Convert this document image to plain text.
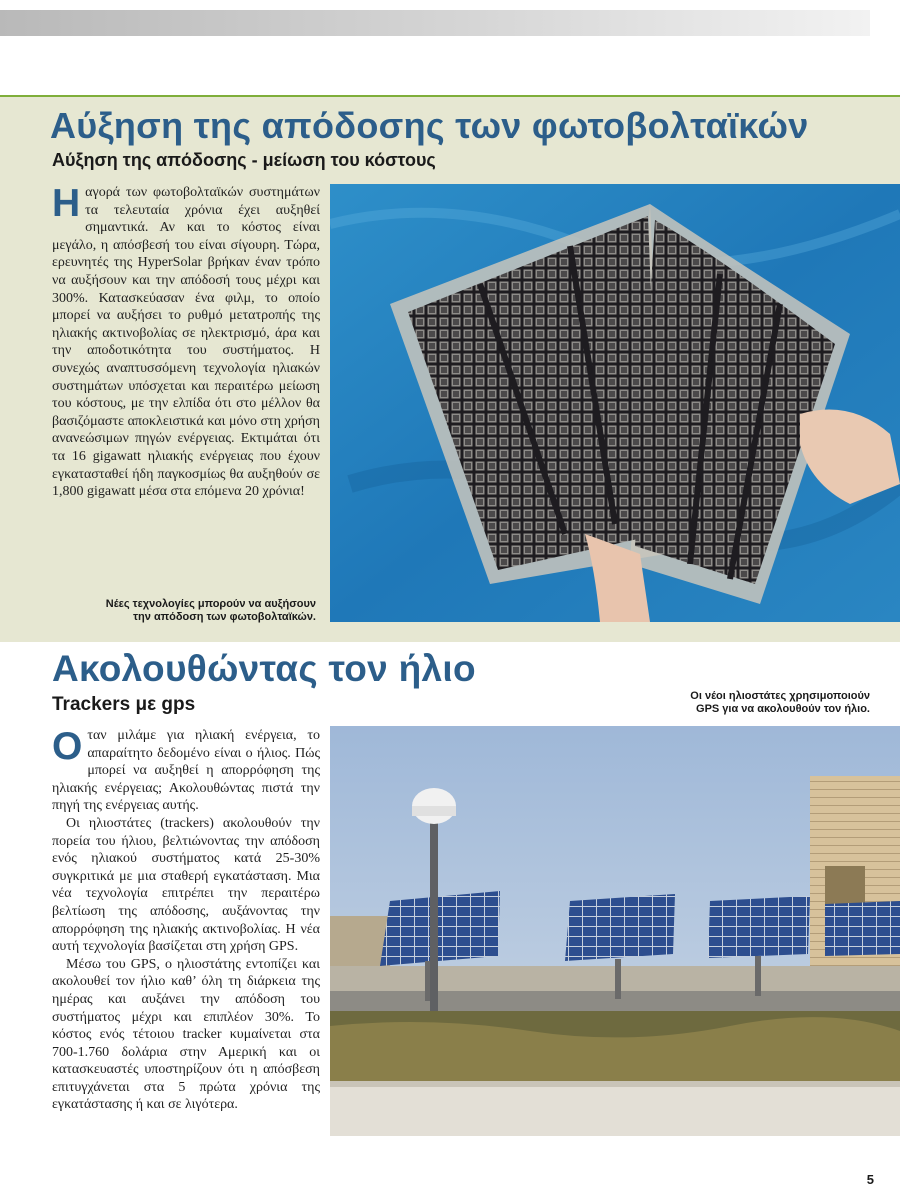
Αύξηση της απόδοσης των φωτοβολταϊκών
Αύξηση της απόδοσης - μείωση του κόστους

Ηαγορά των φωτοβολταϊκών συστημάτων τα τελευταία χρόνια έχει αυξηθεί σημαντικά. Αν και το κόστος είναι μεγάλο, η απόσβεσή του είναι σίγουρη. Τώρα, ερευνητές της HyperSolar βρήκαν έναν τρόπο να αυξήσουν και την απόδοσή τους μέχρι και 300%. Κατασκεύασαν ένα φιλμ, το οποίο μπορεί να αυξήσει το ρυθμό μετατροπής της ηλιακής ακτινοβολίας σε ηλεκτρισμό, άρα και την αποδοτικότητα του συστήματος. Η συνεχώς αναπτυσσόμενη τεχνολογία ηλιακών συστημάτων υπόσχεται και περαιτέρω μείωση του κόστους, με την ελπίδα ότι στο μέλλον θα βασιζόμαστε αποκλειστικά και μόνο στη χρήση ανανεώσιμων πηγών ενέργειας. Εκτιμάται ότι τα 16 gigawatt ηλιακής ενέργειας που έχουν εγκατασταθεί ήδη παγκοσμίως θα αυξηθούν σε 1,800 gigawatt μέσα στα επόμενα 20 χρόνια!

Νέες τεχνολογίες μπορούν να αυξήσουν
την απόδοση των φωτοβολταϊκών.
Ακολουθώντας τον ήλιο
Trackers με gps	Οι νέοι ηλιοστάτες χρησιμοποιούν
GPS για να ακολουθούν τον ήλιο.

Οταν μιλάμε για ηλιακή ενέργεια, το απαραίτητο δεδομένο είναι ο ήλιος. Πώς μπορεί να αυξηθεί η απορρόφηση της ηλιακής ενέργειας; Ακολουθώντας πιστά την πηγή της ενέργειας αυτής.

Οι ηλιοστάτες (trackers) ακολουθούν την πορεία του ήλιου, βελτιώνοντας την απόδοση ενός ηλιακού συστήματος κατά 25-30% συγκριτικά με μια σταθερή εγκατάσταση. Μια νέα τεχνολογία επιτρέπει την περαιτέρω βελτίωση της απόδοσης, αυξάνοντας την απορρόφηση της ηλιακής ακτινοβολίας. Η νέα αυτή τεχνολογία βασίζεται στη χρήση GPS.

Μέσω του GPS, ο ηλιοστάτης εντοπίζει και ακολουθεί τον ήλιο καθ’ όλη τη διάρκεια της ημέρας και αυξάνει την απόδοση του συστήματος μέχρι και επιπλέον 30%. Το κόστος ενός τέτοιου tracker κυμαίνεται στα 700-1.760 δολάρια στην Αμερική και οι κατασκευαστές υποστηρίζουν ότι η απόσβεση επιτυγχάνεται στα 5 πρώτα χρόνια της εγκατάστασης ή και σε λιγότερα.

5
